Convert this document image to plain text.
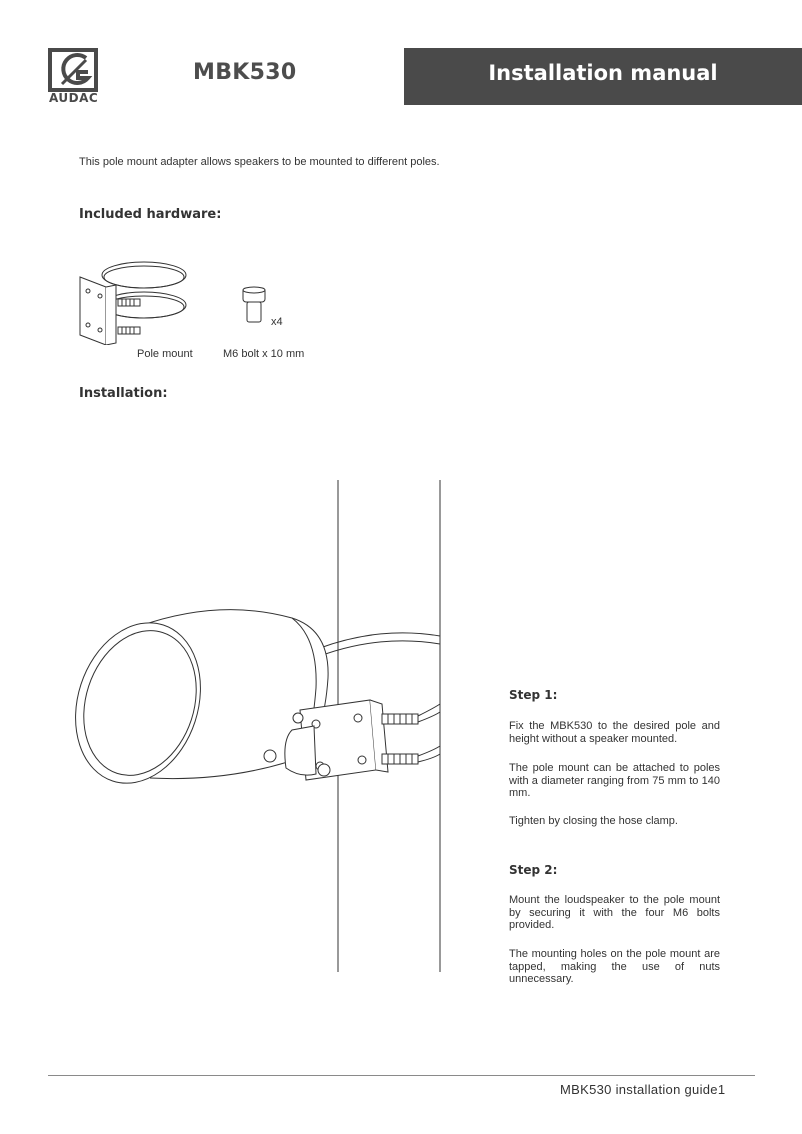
AUDAC
MBK530	Installation manual
This pole mount adapter allows speakers to be mounted to different poles.
Included hardware:
x4
Pole mount	M6 bolt x 10 mm
Installation:
Step 1:
Fix the MBK530 to the desired pole and height without a speaker mounted.
The pole mount can be attached to poles with a diameter ranging from 75 mm to 140 mm.
Tighten by closing the hose clamp.
Step 2:
Mount the loudspeaker to the pole mount by securing it with the four M6 bolts provided.
The mounting holes on the pole mount are tapped, making the use of nuts unnecessary.
MBK530 installation guide1
